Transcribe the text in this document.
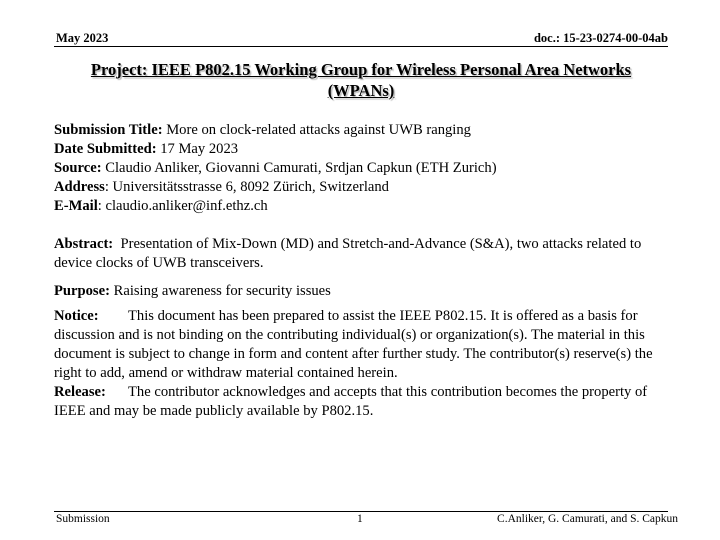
May 2023	doc.: 15-23-0274-00-04ab
Project: IEEE P802.15 Working Group for Wireless Personal Area Networks
(WPANs)

Submission Title: More on clock-related attacks against UWB ranging

Date Submitted: 17 May 2023

Source: Claudio Anliker, Giovanni Camurati, Srdjan Capkun (ETH Zurich)

Address: Universitätsstrasse 6, 8092 Zürich, Switzerland

E-Mail: claudio.anliker@inf.ethz.ch

Abstract:  Presentation of Mix-Down (MD) and Stretch-and-Advance (S&A), two attacks related to device clocks of UWB transceivers.

Purpose: Raising awareness for security issues

Notice: This document has been prepared to assist the IEEE P802.15. It is offered as a basis for discussion and is not binding on the contributing individual(s) or organization(s). The material in this document is subject to change in form and content after further study. The contributor(s) reserve(s) the right to add, amend or withdraw material contained herein.

Release: The contributor acknowledges and accepts that this contribution becomes the property of IEEE and may be made publicly available by P802.15.

Submission	1	C.Anliker, G. Camurati, and S. Capkun
